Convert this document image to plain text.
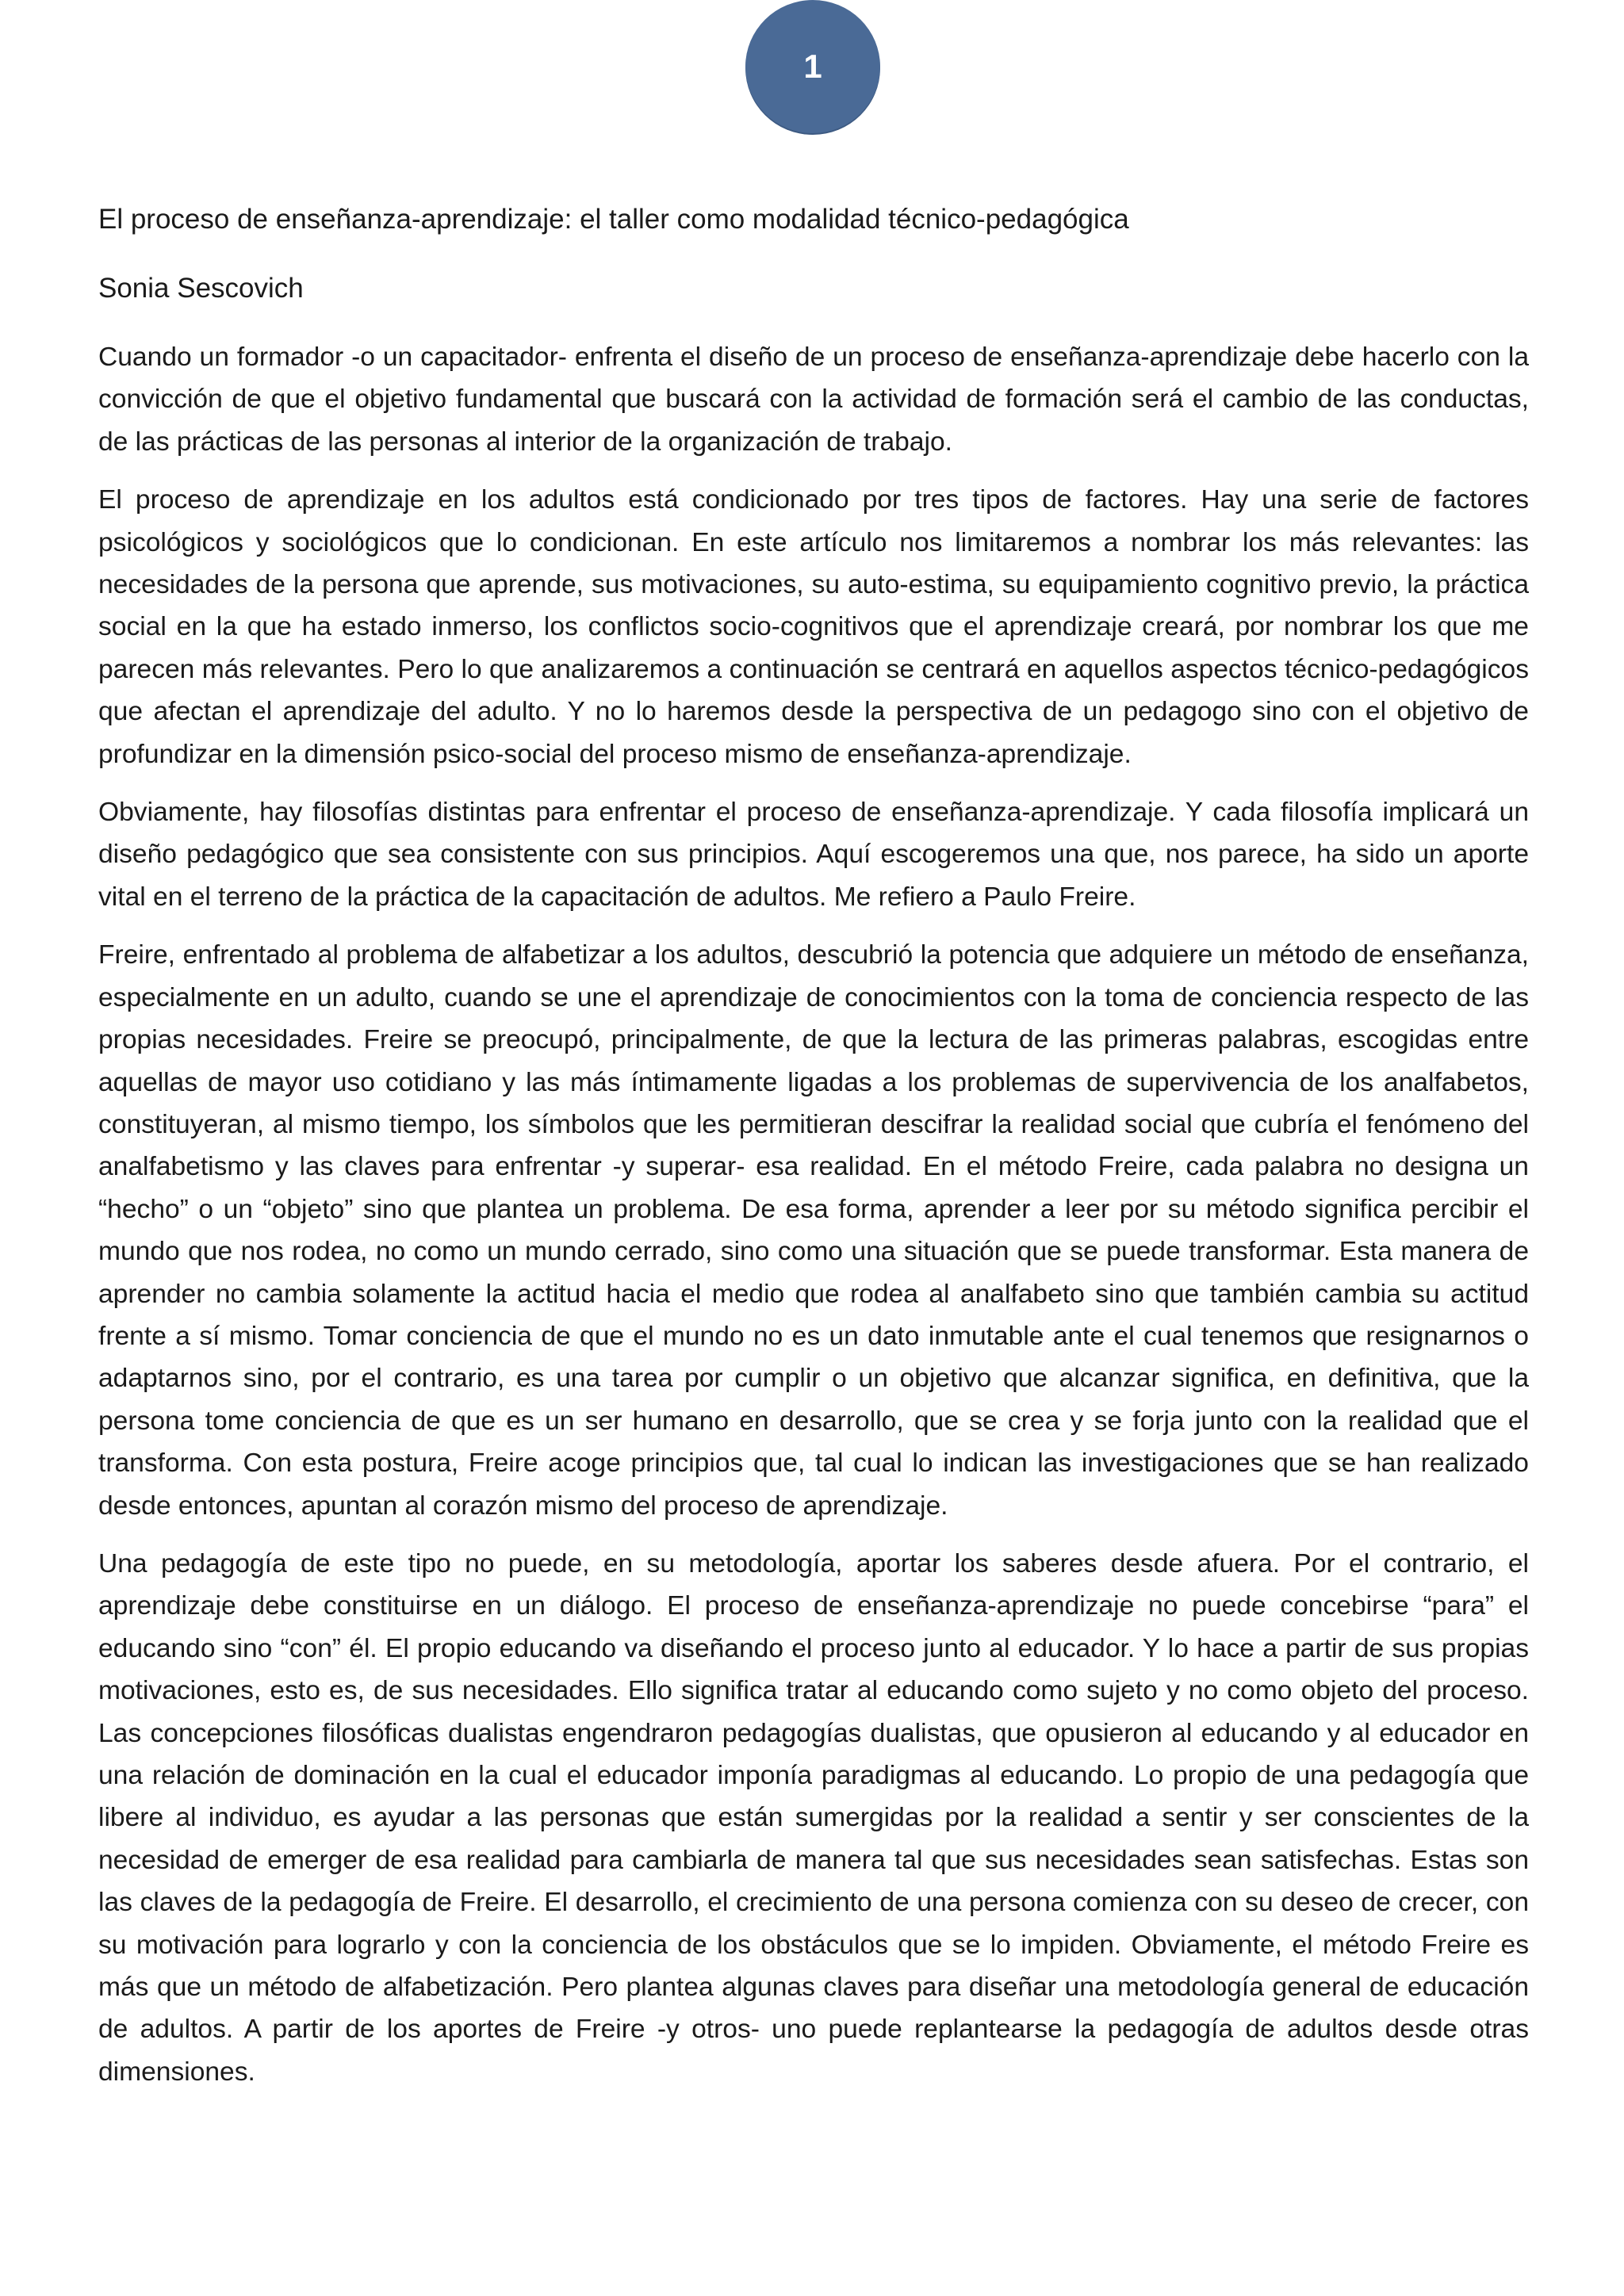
1

El proceso de enseñanza-aprendizaje: el taller como modalidad técnico-pedagógica

Sonia Sescovich

Cuando un formador -o un capacitador- enfrenta el diseño de un proceso de enseñanza-aprendizaje debe hacerlo con la convicción de que el objetivo fundamental que buscará con la actividad de formación será el cambio de las conductas, de las prácticas de las personas al interior de la organización de trabajo.

El proceso de aprendizaje en los adultos está condicionado por tres tipos de factores. Hay una serie de factores psicológicos y sociológicos que lo condicionan. En este artículo nos limitaremos a nombrar los más relevantes: las necesidades de la persona que aprende, sus motivaciones, su auto-estima, su equipamiento cognitivo previo, la práctica social en la que ha estado inmerso, los conflictos socio-cognitivos que el aprendizaje creará, por nombrar los que me parecen más relevantes. Pero lo que analizaremos a continuación se centrará en aquellos aspectos técnico-pedagógicos que afectan el aprendizaje del adulto. Y no lo haremos desde la perspectiva de un pedagogo sino con el objetivo de profundizar en la dimensión psico-social del proceso mismo de enseñanza-aprendizaje.

Obviamente, hay filosofías distintas para enfrentar el proceso de enseñanza-aprendizaje. Y cada filosofía implicará un diseño pedagógico que sea consistente con sus principios. Aquí escogeremos una que, nos parece, ha sido un aporte vital en el terreno de la práctica de la capacitación de adultos. Me refiero a Paulo Freire.

Freire, enfrentado al problema de alfabetizar a los adultos, descubrió la potencia que adquiere un método de enseñanza, especialmente en un adulto, cuando se une el aprendizaje de conocimientos con la toma de conciencia respecto de las propias necesidades. Freire se preocupó, principalmente, de que la lectura de las primeras palabras, escogidas entre aquellas de mayor uso cotidiano y las más íntimamente ligadas a los problemas de supervivencia de los analfabetos, constituyeran, al mismo tiempo, los símbolos que les permitieran descifrar la realidad social que cubría el fenómeno del analfabetismo y las claves para enfrentar -y superar- esa realidad. En el método Freire, cada palabra no designa un “hecho” o un “objeto” sino que plantea un problema. De esa forma, aprender a leer por su método significa percibir el mundo que nos rodea, no como un mundo cerrado, sino como una situación que se puede transformar. Esta manera de aprender no cambia solamente la actitud hacia el medio que rodea al analfabeto sino que también cambia su actitud frente a sí mismo. Tomar conciencia de que el mundo no es un dato inmutable ante el cual tenemos que resignarnos o adaptarnos sino, por el contrario, es una tarea por cumplir o un objetivo que alcanzar significa, en definitiva, que la persona tome conciencia de que es un ser humano en desarrollo, que se crea y se forja junto con la realidad que el transforma. Con esta postura, Freire acoge principios que, tal cual lo indican las investigaciones que se han realizado desde entonces, apuntan al corazón mismo del proceso de aprendizaje.

Una pedagogía de este tipo no puede, en su metodología, aportar los saberes desde afuera. Por el contrario, el aprendizaje debe constituirse en un diálogo. El proceso de enseñanza-aprendizaje no puede concebirse “para” el educando sino “con” él. El propio educando va diseñando el proceso junto al educador. Y lo hace a partir de sus propias motivaciones, esto es, de sus necesidades. Ello significa tratar al educando como sujeto y no como objeto del proceso. Las concepciones filosóficas dualistas engendraron pedagogías dualistas, que opusieron al educando y al educador en una relación de dominación en la cual el educador imponía paradigmas al educando. Lo propio de una pedagogía que libere al individuo, es ayudar a las personas que están sumergidas por la realidad a sentir y ser conscientes de la necesidad de emerger de esa realidad para cambiarla de manera tal que sus necesidades sean satisfechas. Estas son las claves de la pedagogía de Freire. El desarrollo, el crecimiento de una persona comienza con su deseo de crecer, con su motivación para lograrlo y con la conciencia de los obstáculos que se lo impiden. Obviamente, el método Freire es más que un método de alfabetización. Pero plantea algunas claves para diseñar una metodología general de educación de adultos. A partir de los aportes de Freire -y otros- uno puede replantearse la pedagogía de adultos desde otras dimensiones.
